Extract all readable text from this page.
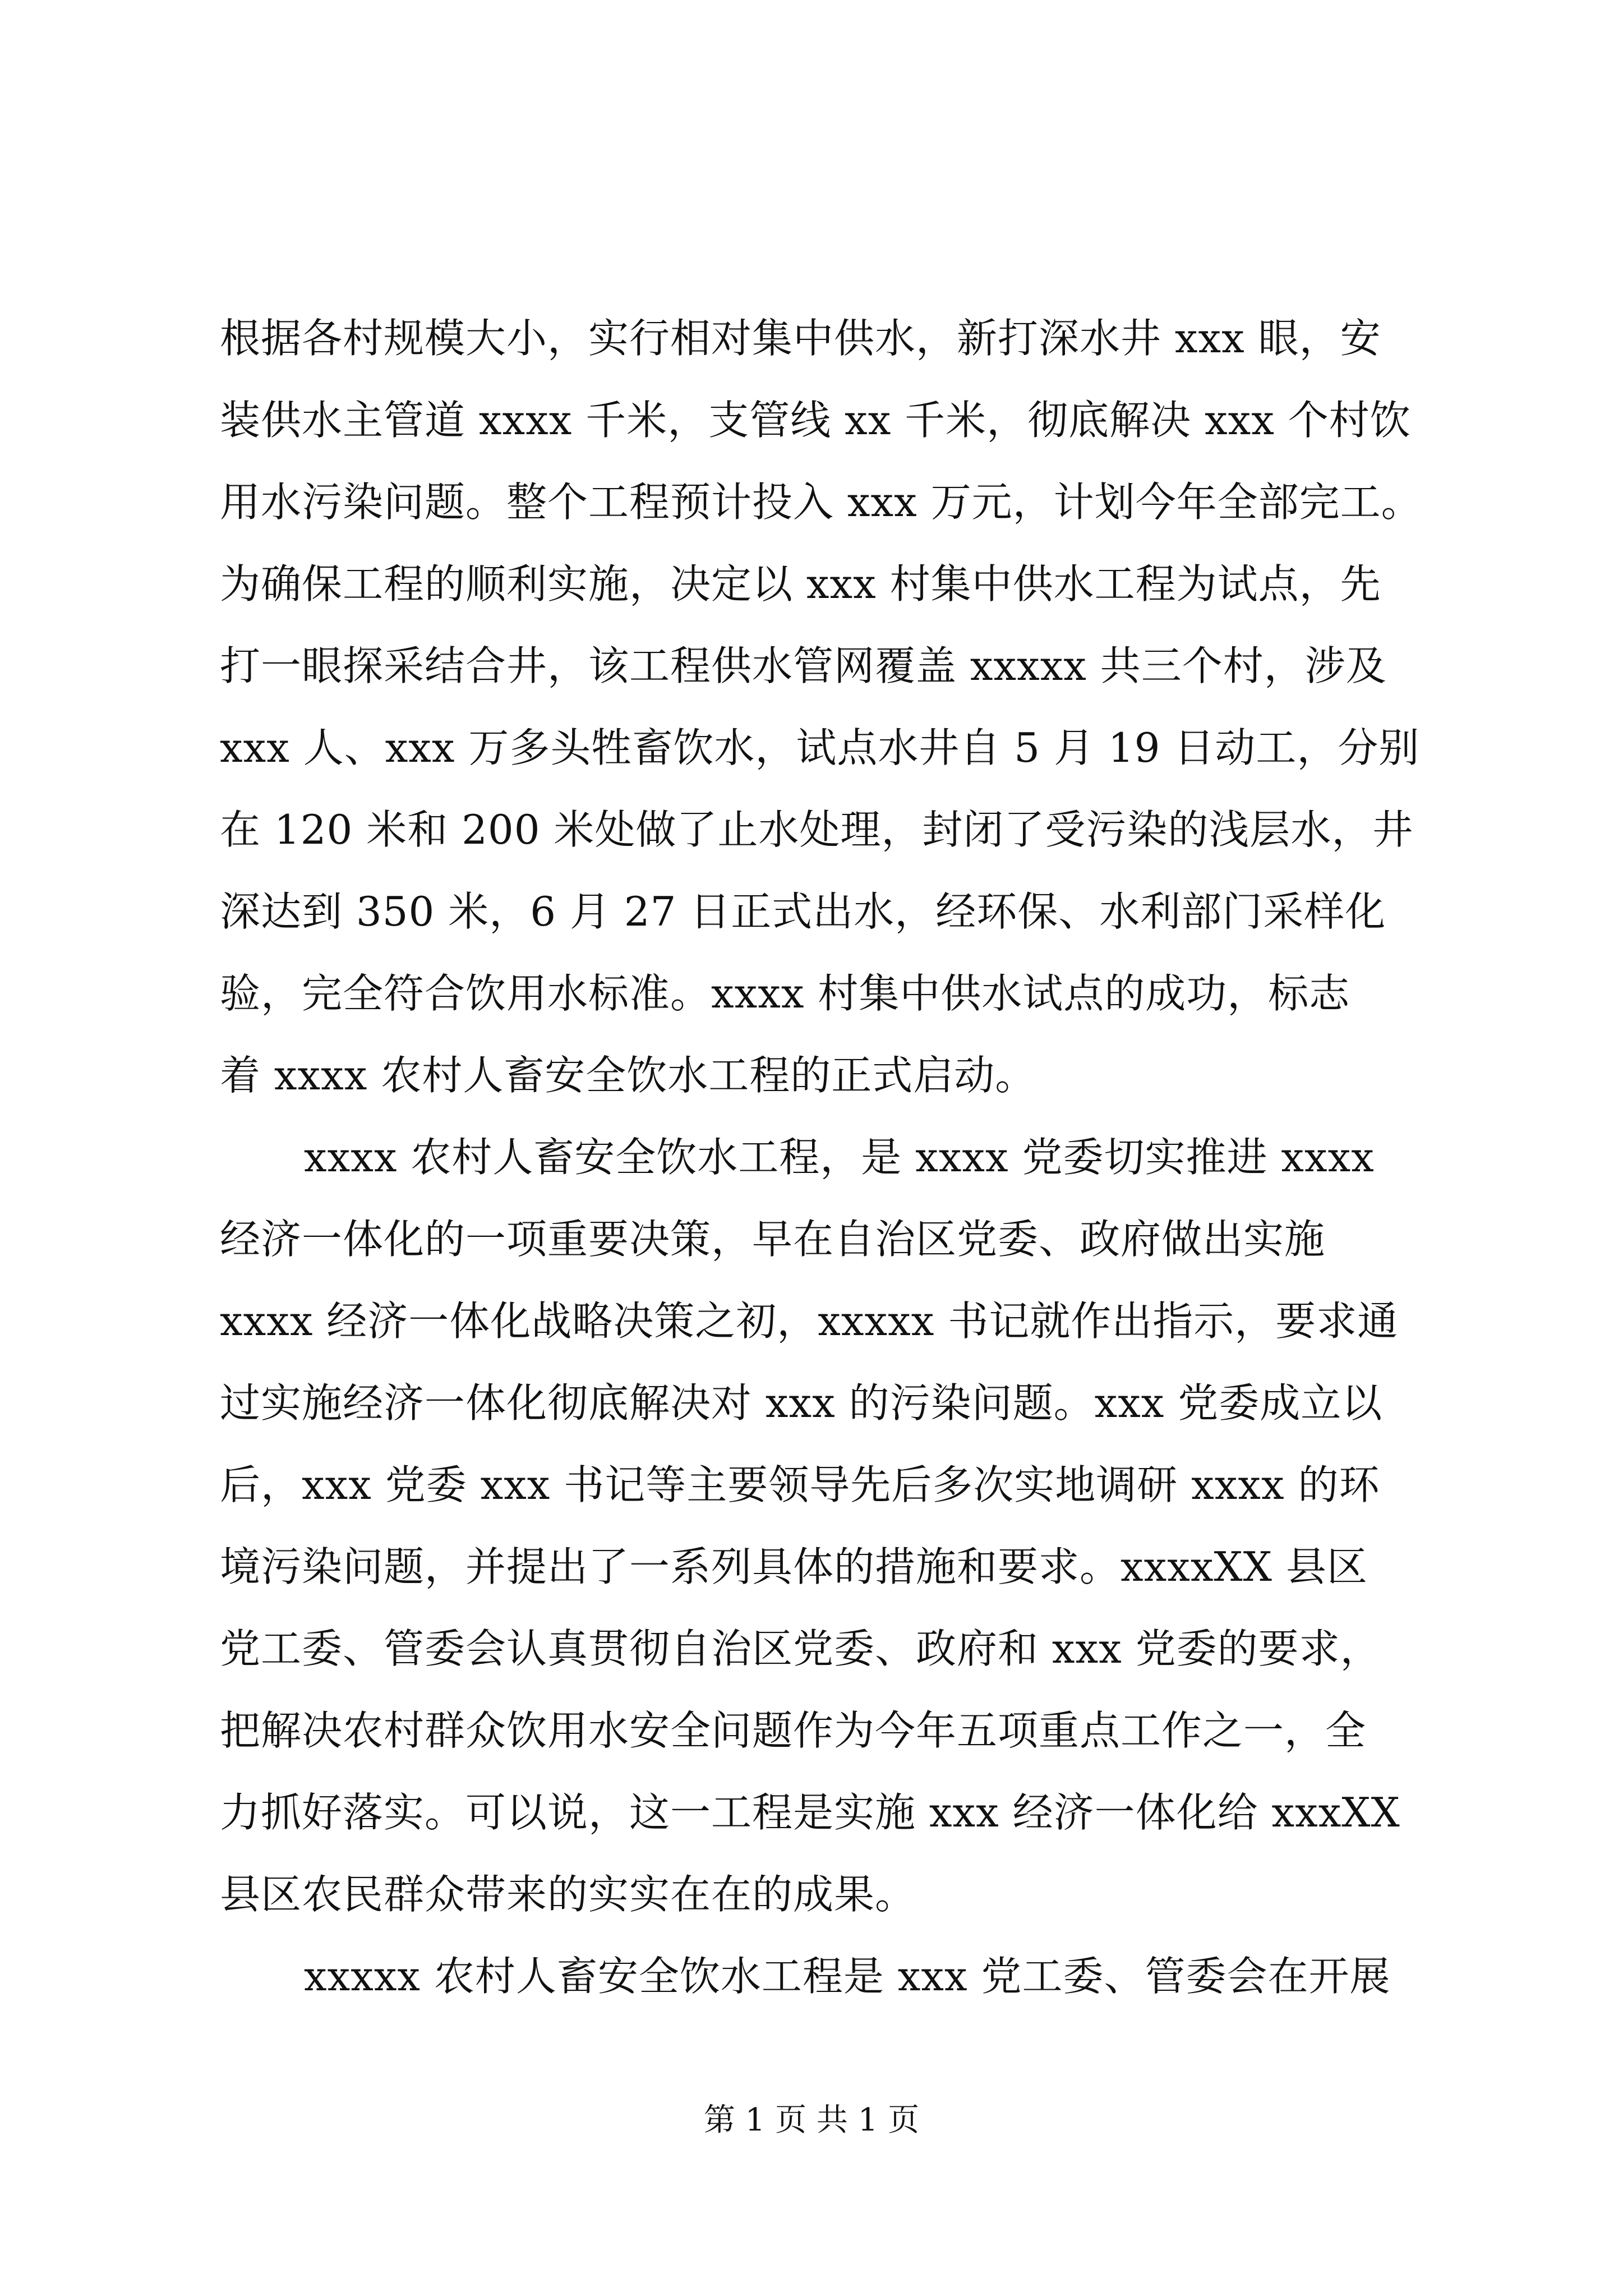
根据各村规模大小，实行相对集中供水，新打深水井 xxx 眼，安
装供水主管道 xxxx 千米，支管线 xx 千米，彻底解决 xxx 个村饮
用水污染问题。整个工程预计投入 xxx 万元，计划今年全部完工。
为确保工程的顺利实施，决定以 xxx 村集中供水工程为试点，先
打一眼探采结合井，该工程供水管网覆盖 xxxxx 共三个村，涉及
xxx 人、xxx 万多头牲畜饮水，试点水井自 5 月 19 日动工，分别
在 120 米和 200 米处做了止水处理，封闭了受污染的浅层水，井
深达到 350 米，6 月 27 日正式出水，经环保、水利部门采样化
验，完全符合饮用水标准。xxxx 村集中供水试点的成功，标志
着 xxxx 农村人畜安全饮水工程的正式启动。
xxxx 农村人畜安全饮水工程，是 xxxx 党委切实推进 xxxx
经济一体化的一项重要决策，早在自治区党委、政府做出实施
xxxx 经济一体化战略决策之初，xxxxx 书记就作出指示，要求通
过实施经济一体化彻底解决对 xxx 的污染问题。xxx 党委成立以
后，xxx 党委 xxx 书记等主要领导先后多次实地调研 xxxx 的环
境污染问题，并提出了一系列具体的措施和要求。xxxxXX 县区
党工委、管委会认真贯彻自治区党委、政府和 xxx 党委的要求，
把解决农村群众饮用水安全问题作为今年五项重点工作之一，全
力抓好落实。可以说，这一工程是实施 xxx 经济一体化给 xxxXX
县区农民群众带来的实实在在的成果。
xxxxx 农村人畜安全饮水工程是 xxx 党工委、管委会在开展
第 1 页 共 1 页
